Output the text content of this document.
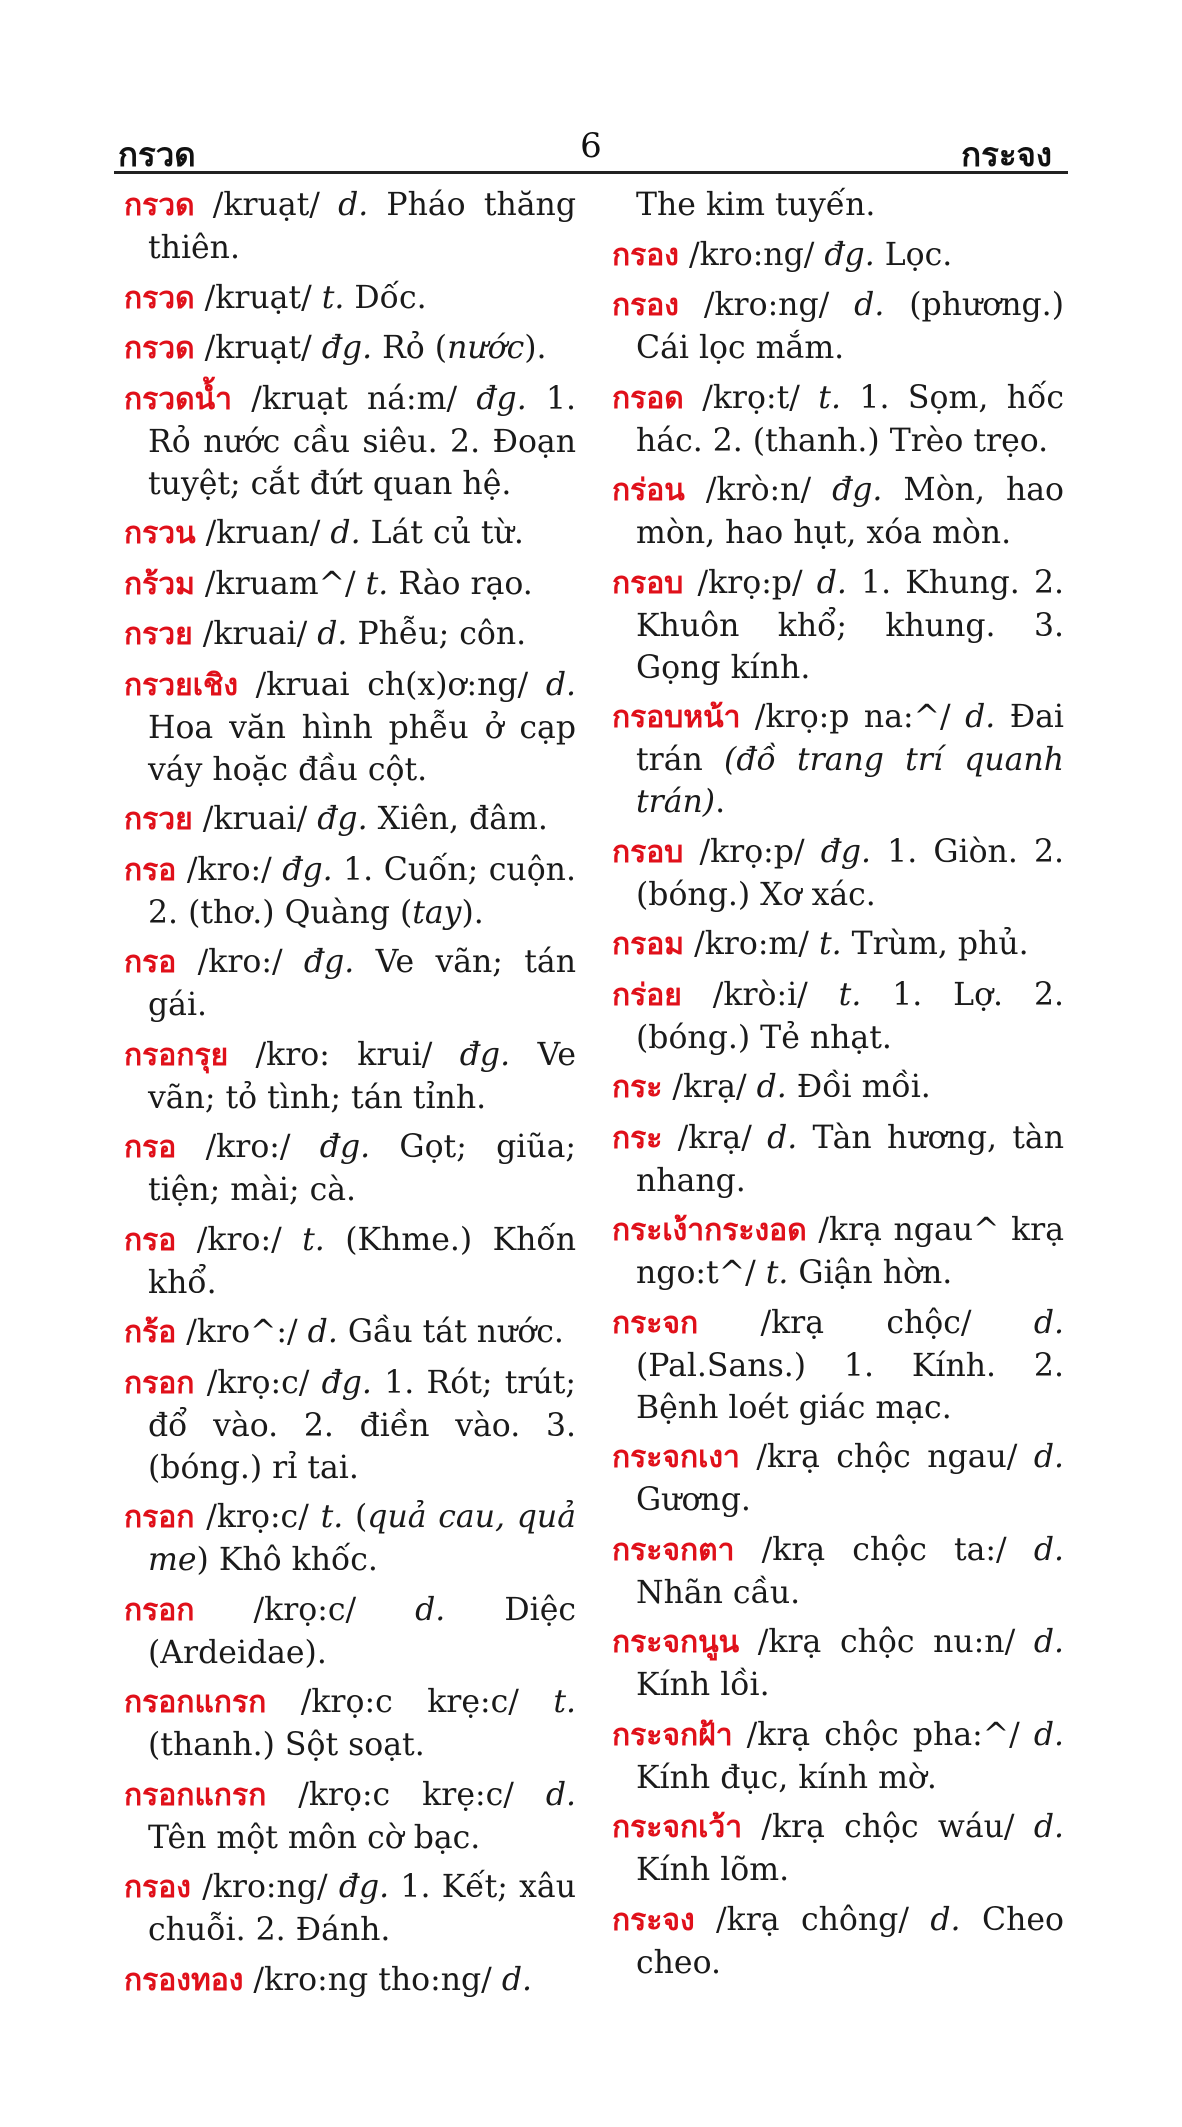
กรวด	6	กระจง

กรวด /kruạt/ d. Pháo thăng thiên.

กรวด /kruạt/ t. Dốc.

กรวด /kruạt/ đg. Rỏ (nước).

กรวดน้ำ /kruạt ná:m/ đg. 1. Rỏ nước cầu siêu. 2. Đoạn tuyệt; cắt đứt quan hệ.

กรวน /kruan/ d. Lát củ từ.

กร้วม /kruam^/ t. Rào rạo.

กรวย /kruai/ d. Phễu; côn.

กรวยเชิง /kruai ch(x)ơ:ng/ d. Hoa văn hình phễu ở cạp váy hoặc đầu cột.

กรวย /kruai/ đg. Xiên, đâm.

กรอ /kro:/ đg. 1. Cuốn; cuộn. 2. (thơ.) Quàng (tay).

กรอ /kro:/ đg. Ve vãn; tán gái.

กรอกรุย /kro: krui/ đg. Ve vãn; tỏ tình; tán tỉnh.

กรอ /kro:/ đg. Gọt; giũa; tiện; mài; cà.

กรอ /kro:/ t. (Khme.) Khốn khổ.

กร้อ /kro^:/ d. Gầu tát nước.

กรอก /krọ:c/ đg. 1. Rót; trút; đổ vào. 2. điền vào. 3. (bóng.) rỉ tai.

กรอก /krọ:c/ t. (quả cau, quả me) Khô khốc.

กรอก /krọ:c/ d. Diệc (Ardeidae).

กรอกแกรก /krọ:c krẹ:c/ t. (thanh.) Sột soạt.

กรอกแกรก /krọ:c krẹ:c/ d. Tên một môn cờ bạc.

กรอง /kro:ng/ đg. 1. Kết; xâu chuỗi. 2. Đánh.

กรองทอง /kro:ng tho:ng/ d.

The kim tuyến.

กรอง /kro:ng/ đg. Lọc.

กรอง /kro:ng/ d. (phương.) Cái lọc mắm.

กรอด /krọ:t/ t. 1. Sọm, hốc hác. 2. (thanh.) Trèo trẹo.

กร่อน /krò:n/ đg. Mòn, hao mòn, hao hụt, xóa mòn.

กรอบ /krọ:p/ d. 1. Khung. 2. Khuôn khổ; khung. 3. Gọng kính.

กรอบหน้า /krọ:p na:^/ d. Đai trán (đồ trang trí quanh trán).

กรอบ /krọ:p/ đg. 1. Giòn. 2. (bóng.) Xơ xác.

กรอม /kro:m/ t. Trùm, phủ.

กร่อย /krò:i/ t. 1. Lợ. 2. (bóng.) Tẻ nhạt.

กระ /krạ/ d. Đồi mồi.

กระ /krạ/ d. Tàn hương, tàn nhang.

กระเง้ากระงอด /krạ ngau^ krạ ngo:t^/ t. Giận hờn.

กระจก /krạ chộc/ d. (Pal.Sans.) 1. Kính. 2. Bệnh loét giác mạc.

กระจกเงา /krạ chộc ngau/ d. Gương.

กระจกตา /krạ chộc ta:/ d. Nhãn cầu.

กระจกนูน /krạ chộc nu:n/ d. Kính lồi.

กระจกฝ้า /krạ chộc pha:^/ d. Kính đục, kính mờ.

กระจกเว้า /krạ chộc wáu/ d. Kính lõm.

กระจง /krạ chông/ d. Cheo cheo.
